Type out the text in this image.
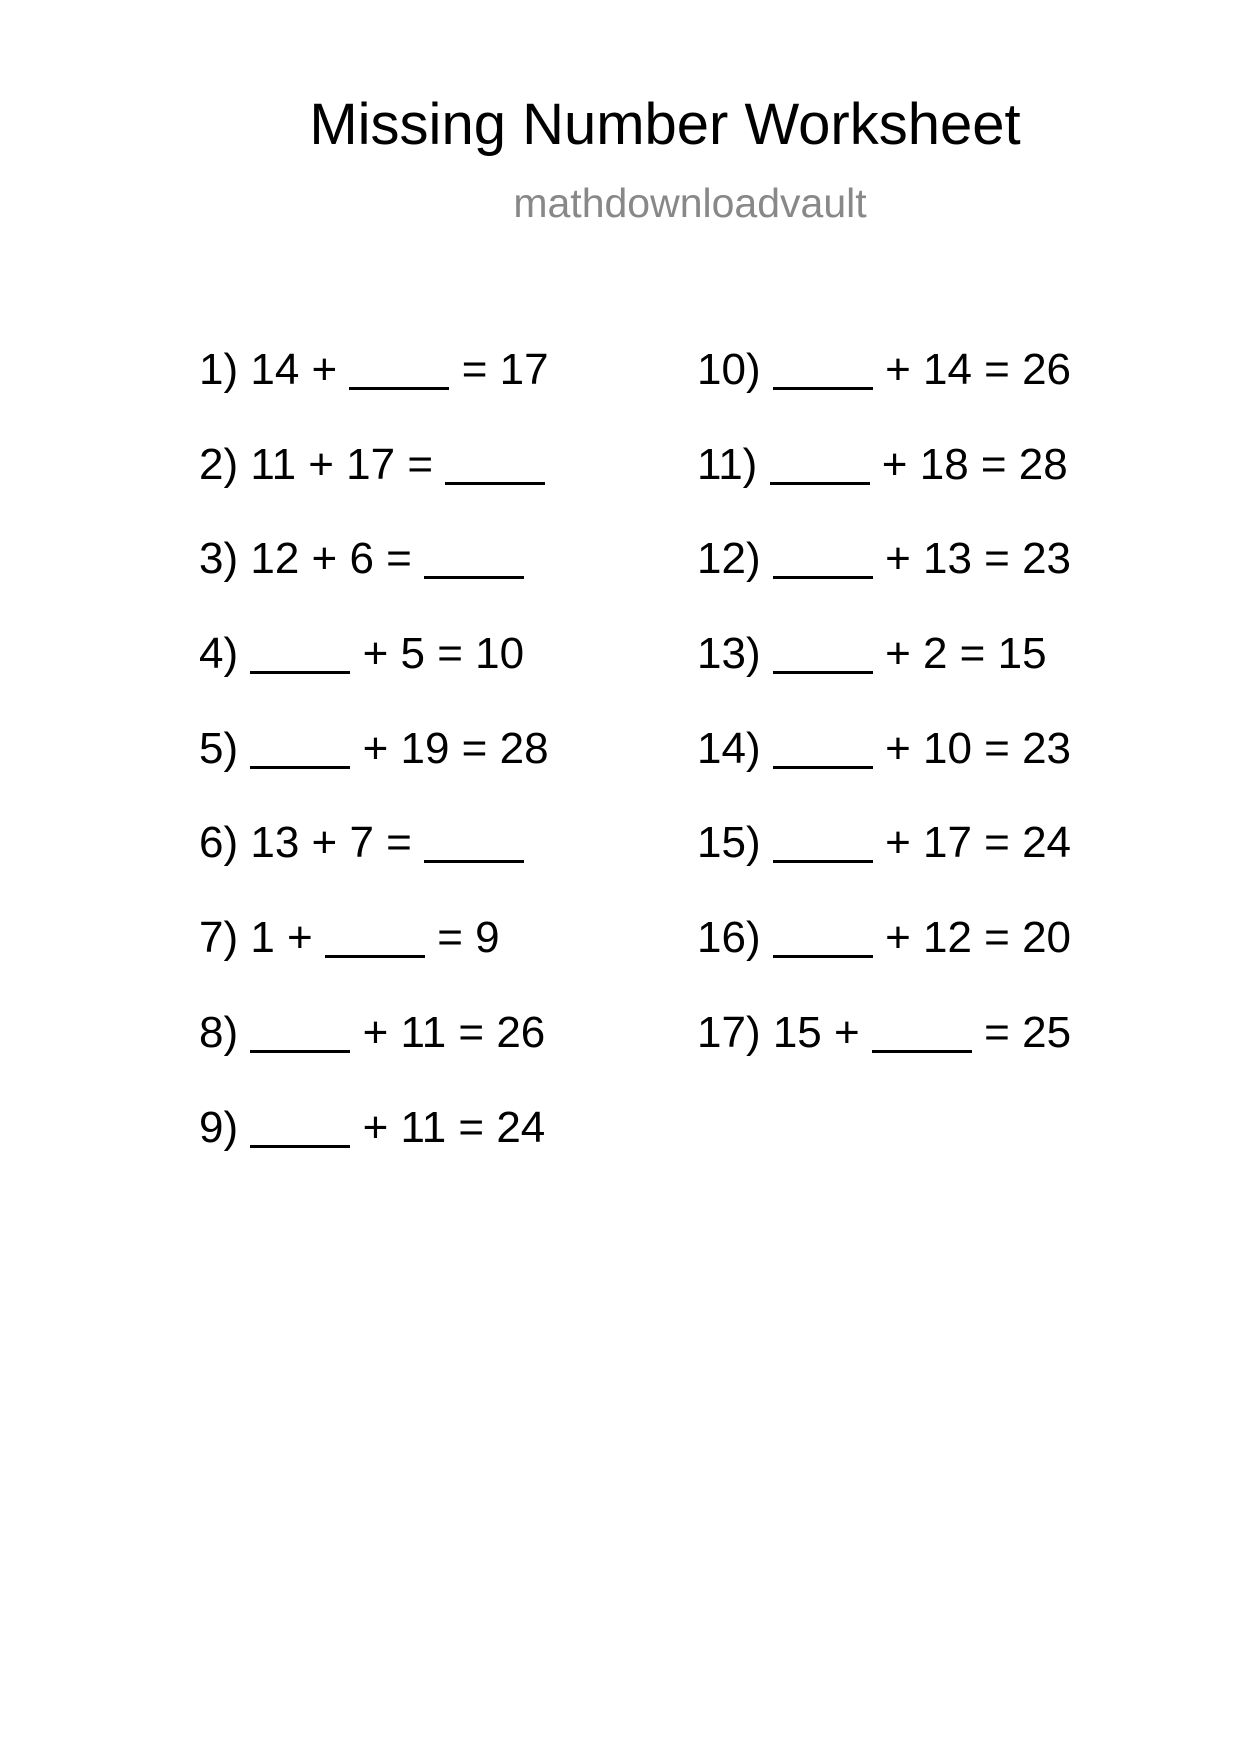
Missing Number Worksheet
mathdownloadvault
1) 14 +	= 17
2) 11 + 17 =
3) 12 + 6 =
4)	+ 5 = 10
5)	+ 19 = 28
6) 13 + 7 =
7) 1 +	= 9
8)	+ 11 = 26
9)	+ 11 = 24
10)	+ 14 = 26
11)	+ 18 = 28
12)	+ 13 = 23
13)	+ 2 = 15
14)	+ 10 = 23
15)	+ 17 = 24
16)	+ 12 = 20
17) 15 +	= 25
